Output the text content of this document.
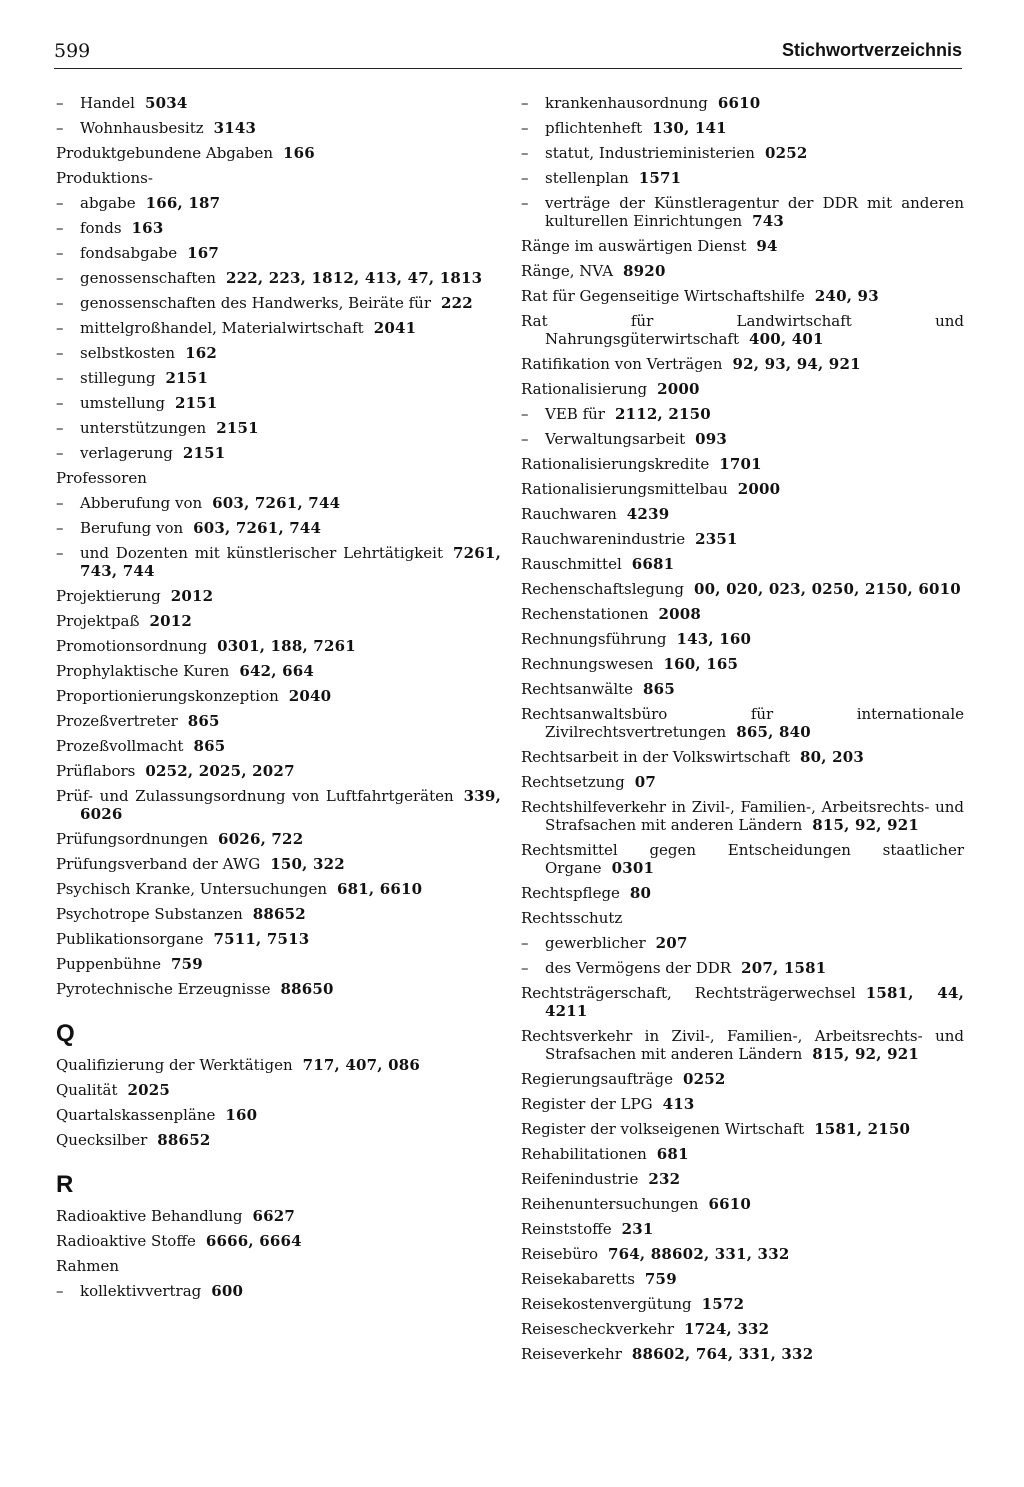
599	Stichwortverzeichnis
– Handel 5034
– Wohnhausbesitz 3143
Produktgebundene Abgaben 166
Produktions-
– abgabe 166, 187
– fonds 163
– fondsabgabe 167
– genossenschaften 222, 223, 1812, 413, 47, 1813
– genossenschaften des Handwerks, Beiräte für 222
– mittelgroßhandel, Materialwirtschaft 2041
– selbstkosten 162
– stillegung 2151
– umstellung 2151
– unterstützungen 2151
– verlagerung 2151
Professoren
– Abberufung von 603, 7261, 744
– Berufung von 603, 7261, 744
– und Dozenten mit künstlerischer Lehrtätigkeit 7261, 743, 744
Projektierung 2012
Projektpaß 2012
Promotionsordnung 0301, 188, 7261
Prophylaktische Kuren 642, 664
Proportionierungskonzeption 2040
Prozeßvertreter 865
Prozeßvollmacht 865
Prüflabors 0252, 2025, 2027
Prüf- und Zulassungsordnung von Luftfahrtgeräten 339, 6026
Prüfungsordnungen 6026, 722
Prüfungsverband der AWG 150, 322
Psychisch Kranke, Untersuchungen 681, 6610
Psychotrope Substanzen 88652
Publikationsorgane 7511, 7513
Puppenbühne 759
Pyrotechnische Erzeugnisse 88650
Q
Qualifizierung der Werktätigen 717, 407, 086
Qualität 2025
Quartalskassenpläne 160
Quecksilber 88652
R
Radioaktive Behandlung 6627
Radioaktive Stoffe 6666, 6664
Rahmen
– kollektivvertrag 600
– krankenhausordnung 6610
– pflichtenheft 130, 141
– statut, Industrieministerien 0252
– stellenplan 1571
– verträge der Künstleragentur der DDR mit anderen kulturellen Einrichtungen 743
Ränge im auswärtigen Dienst 94
Ränge, NVA 8920
Rat für Gegenseitige Wirtschaftshilfe 240, 93
Rat für Landwirtschaft und Nahrungsgüterwirtschaft 400, 401
Ratifikation von Verträgen 92, 93, 94, 921
Rationalisierung 2000
– VEB für 2112, 2150
– Verwaltungsarbeit 093
Rationalisierungskredite 1701
Rationalisierungsmittelbau 2000
Rauchwaren 4239
Rauchwarenindustrie 2351
Rauschmittel 6681
Rechenschaftslegung 00, 020, 023, 0250, 2150, 6010
Rechenstationen 2008
Rechnungsführung 143, 160
Rechnungswesen 160, 165
Rechtsanwälte 865
Rechtsanwaltsbüro für internationale Zivilrechtsvertretungen 865, 840
Rechtsarbeit in der Volkswirtschaft 80, 203
Rechtsetzung 07
Rechtshilfeverkehr in Zivil-, Familien-, Arbeitsrechts- und Strafsachen mit anderen Ländern 815, 92, 921
Rechtsmittel gegen Entscheidungen staatlicher Organe 0301
Rechtspflege 80
Rechtsschutz
– gewerblicher 207
– des Vermögens der DDR 207, 1581
Rechtsträgerschaft, Rechtsträgerwechsel 1581, 44, 4211
Rechtsverkehr in Zivil-, Familien-, Arbeitsrechts- und Strafsachen mit anderen Ländern 815, 92, 921
Regierungsaufträge 0252
Register der LPG 413
Register der volkseigenen Wirtschaft 1581, 2150
Rehabilitationen 681
Reifenindustrie 232
Reihenuntersuchungen 6610
Reinststoffe 231
Reisebüro 764, 88602, 331, 332
Reisekabaretts 759
Reisekostenvergütung 1572
Reisescheckverkehr 1724, 332
Reiseverkehr 88602, 764, 331, 332
